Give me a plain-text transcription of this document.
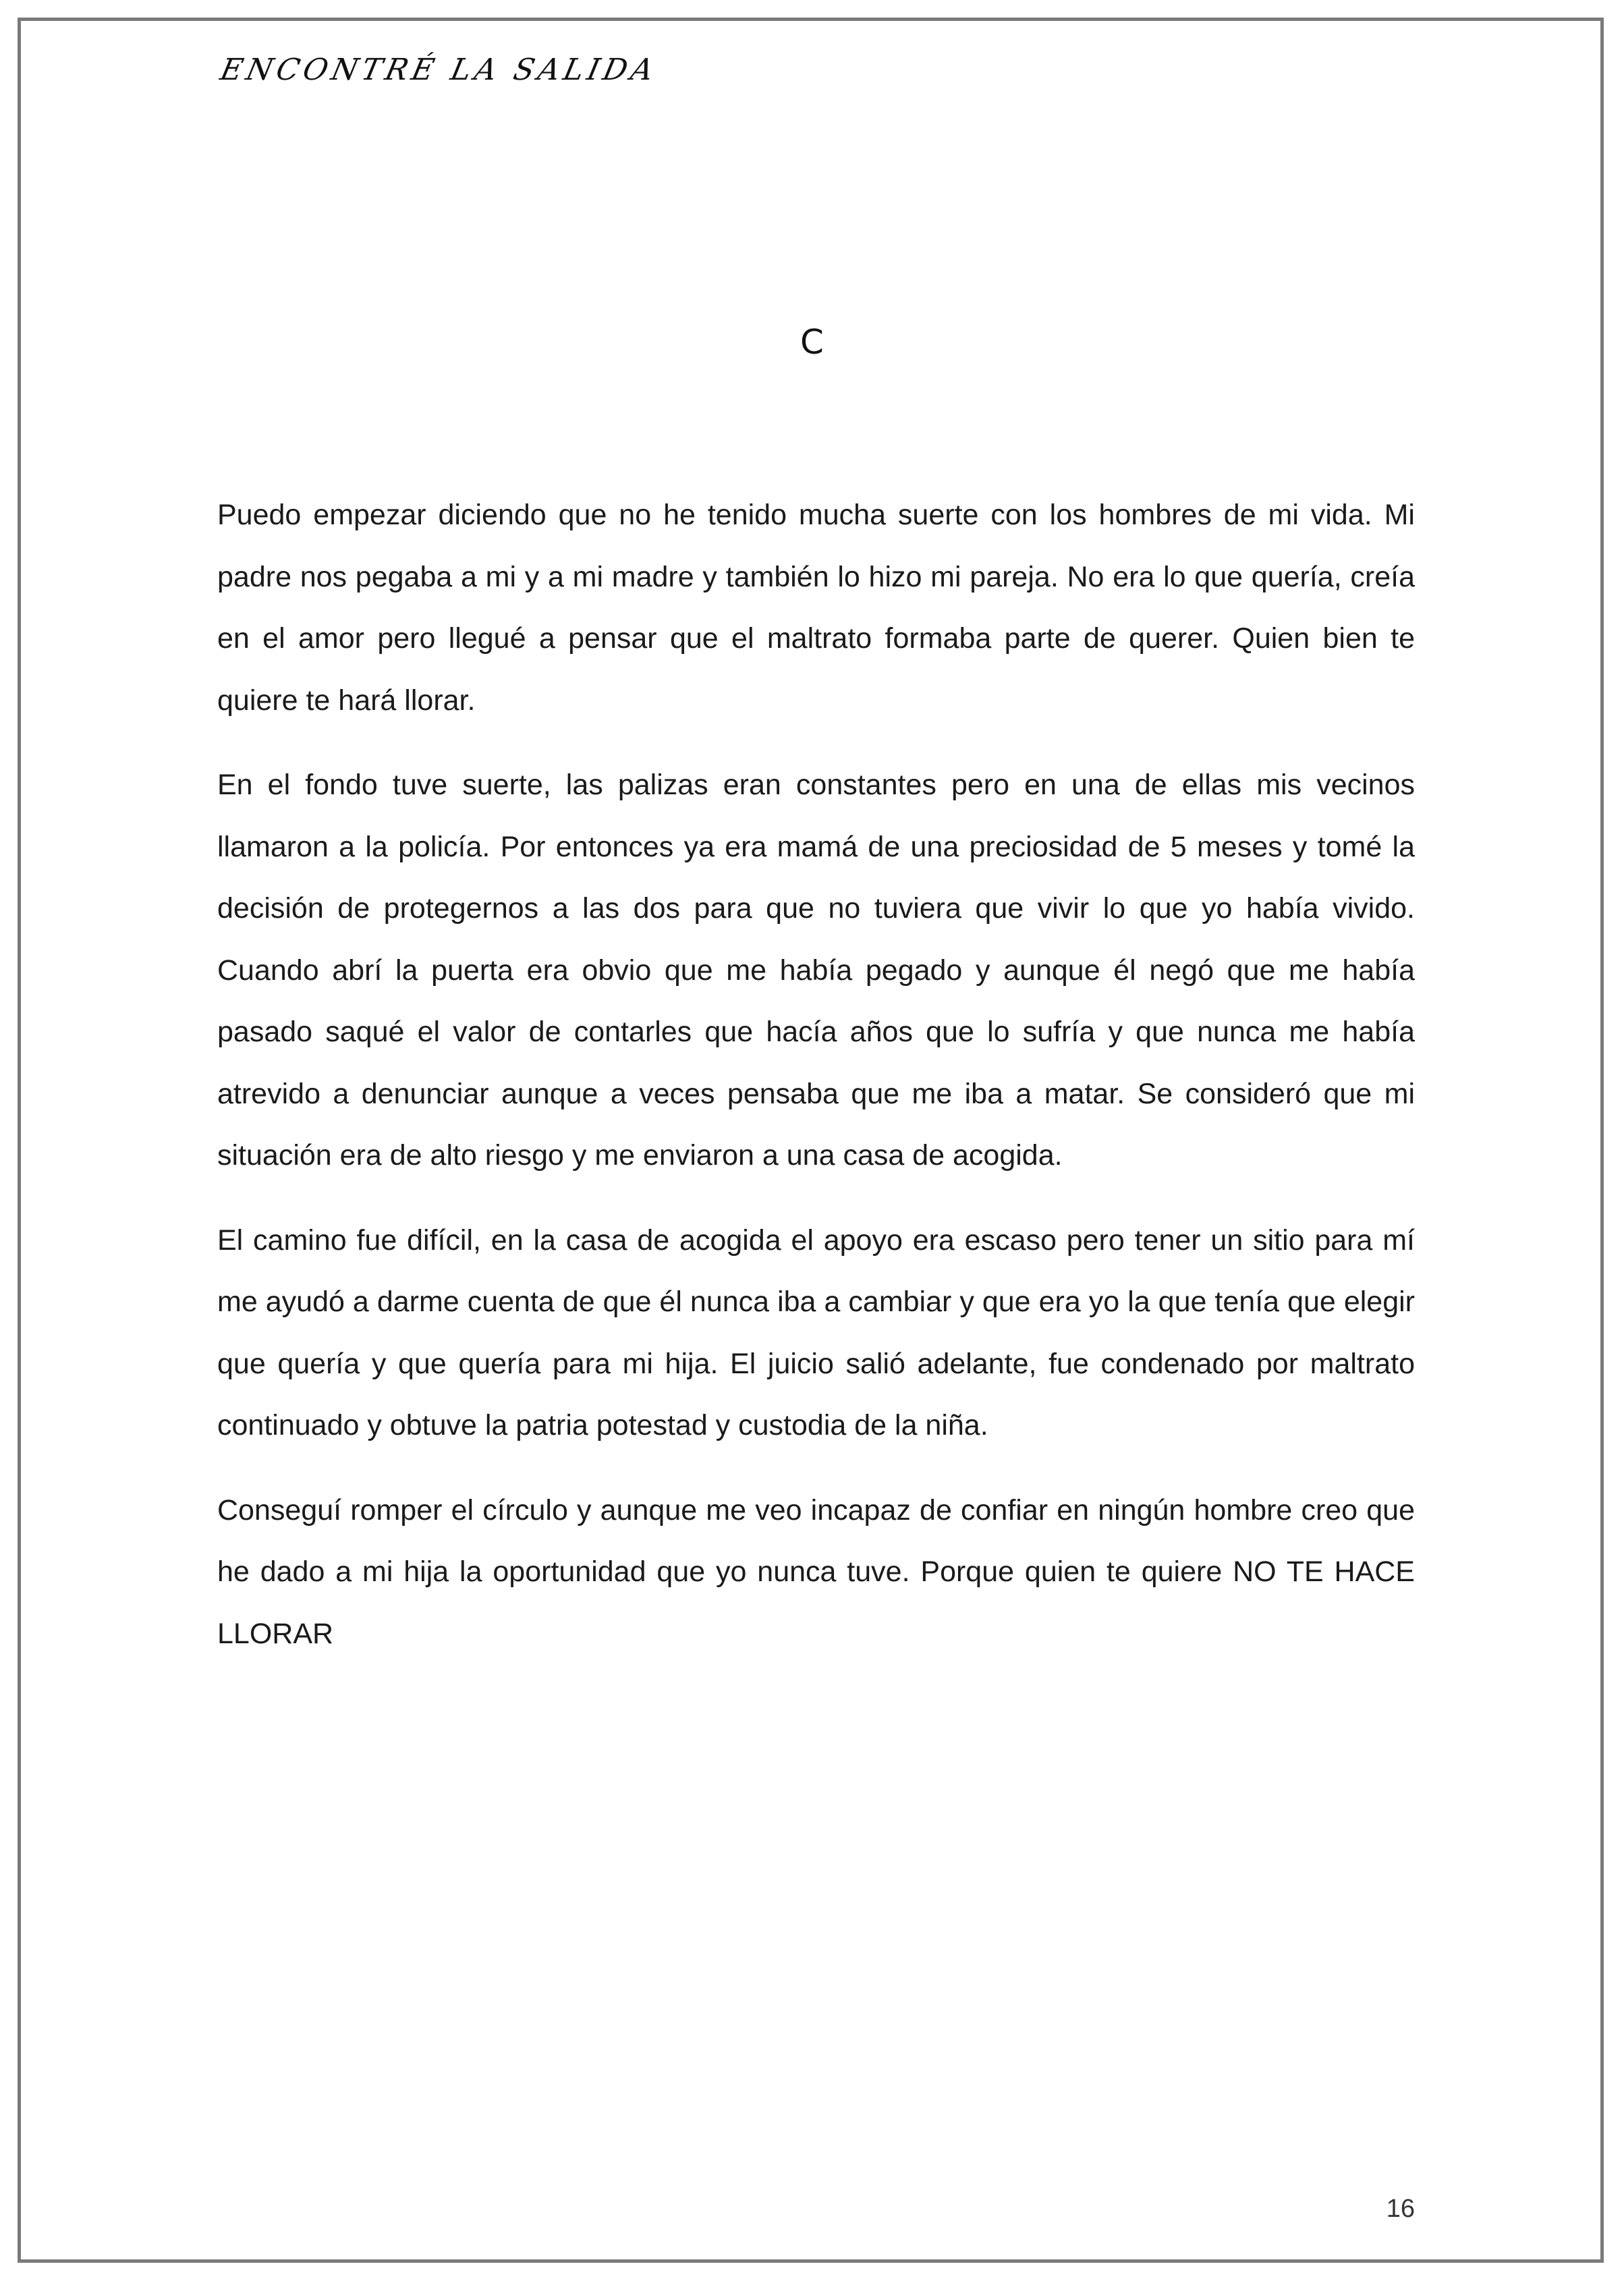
ENCONTRÉ LA SALIDA
C

Puedo empezar diciendo que no he tenido mucha suerte con los hombres de mi vida. Mi padre nos pegaba a mi y a mi madre y también lo hizo mi pareja. No era lo que quería, creía en el amor pero llegué a pensar que el maltrato formaba parte de querer. Quien bien te quiere te hará llorar.

En el fondo tuve suerte, las palizas eran constantes pero en una de ellas mis vecinos llamaron a la policía. Por entonces ya era mamá de una preciosidad de 5 meses y tomé la decisión de protegernos a las dos para que no tuviera que vivir lo que yo había vivido. Cuando abrí la puerta era obvio que me había pegado y aunque él negó que me había pasado saqué el valor de contarles que hacía años que lo sufría y que nunca me había atrevido a denunciar aunque a veces pensaba que me iba a matar. Se consideró que mi situación era de alto riesgo y me enviaron a una casa de acogida.

El camino fue difícil, en la casa de acogida el apoyo era escaso pero tener un sitio para mí me ayudó a darme cuenta de que él nunca iba a cambiar y que era yo la que tenía que elegir que quería y que quería para mi hija. El juicio salió adelante, fue condenado por maltrato continuado y obtuve la patria potestad y custodia de la niña.

Conseguí romper el círculo y aunque me veo incapaz de confiar en ningún hombre creo que he dado a mi hija la oportunidad que yo nunca tuve. Porque quien te quiere NO TE HACE LLORAR

16
